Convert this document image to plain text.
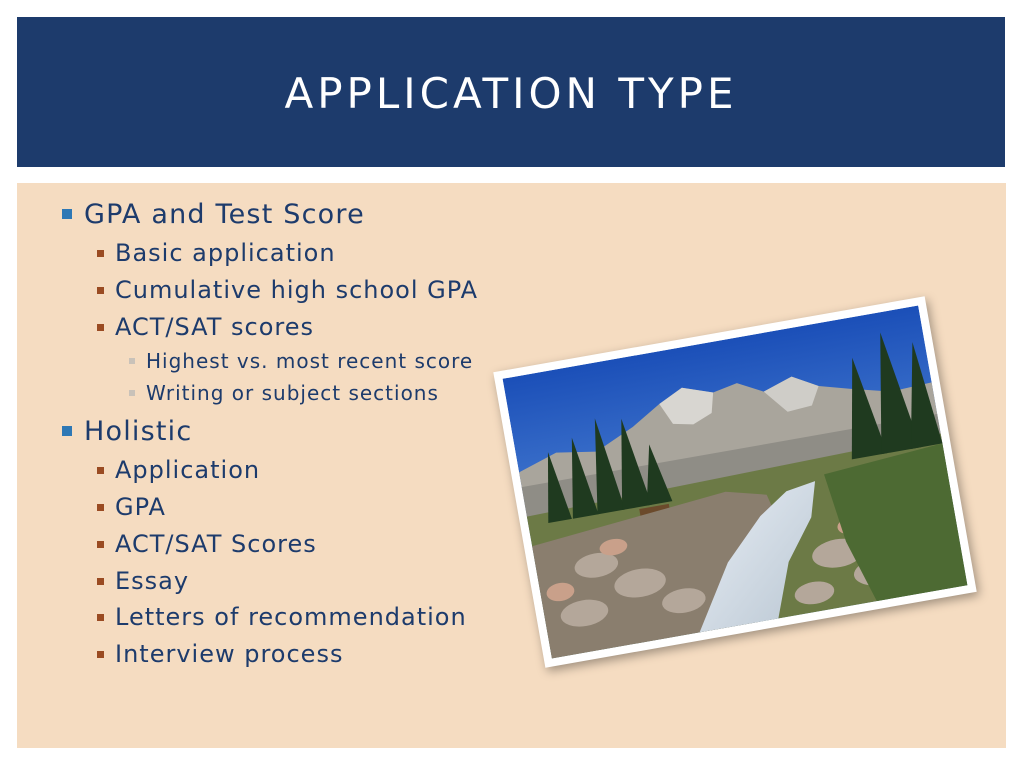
APPLICATION TYPE
GPA and Test Score
Basic application
Cumulative high school GPA
ACT/SAT scores
Highest vs. most recent score
Writing or subject sections
Holistic
Application
GPA
ACT/SAT Scores
Essay
Letters of recommendation
Interview process
